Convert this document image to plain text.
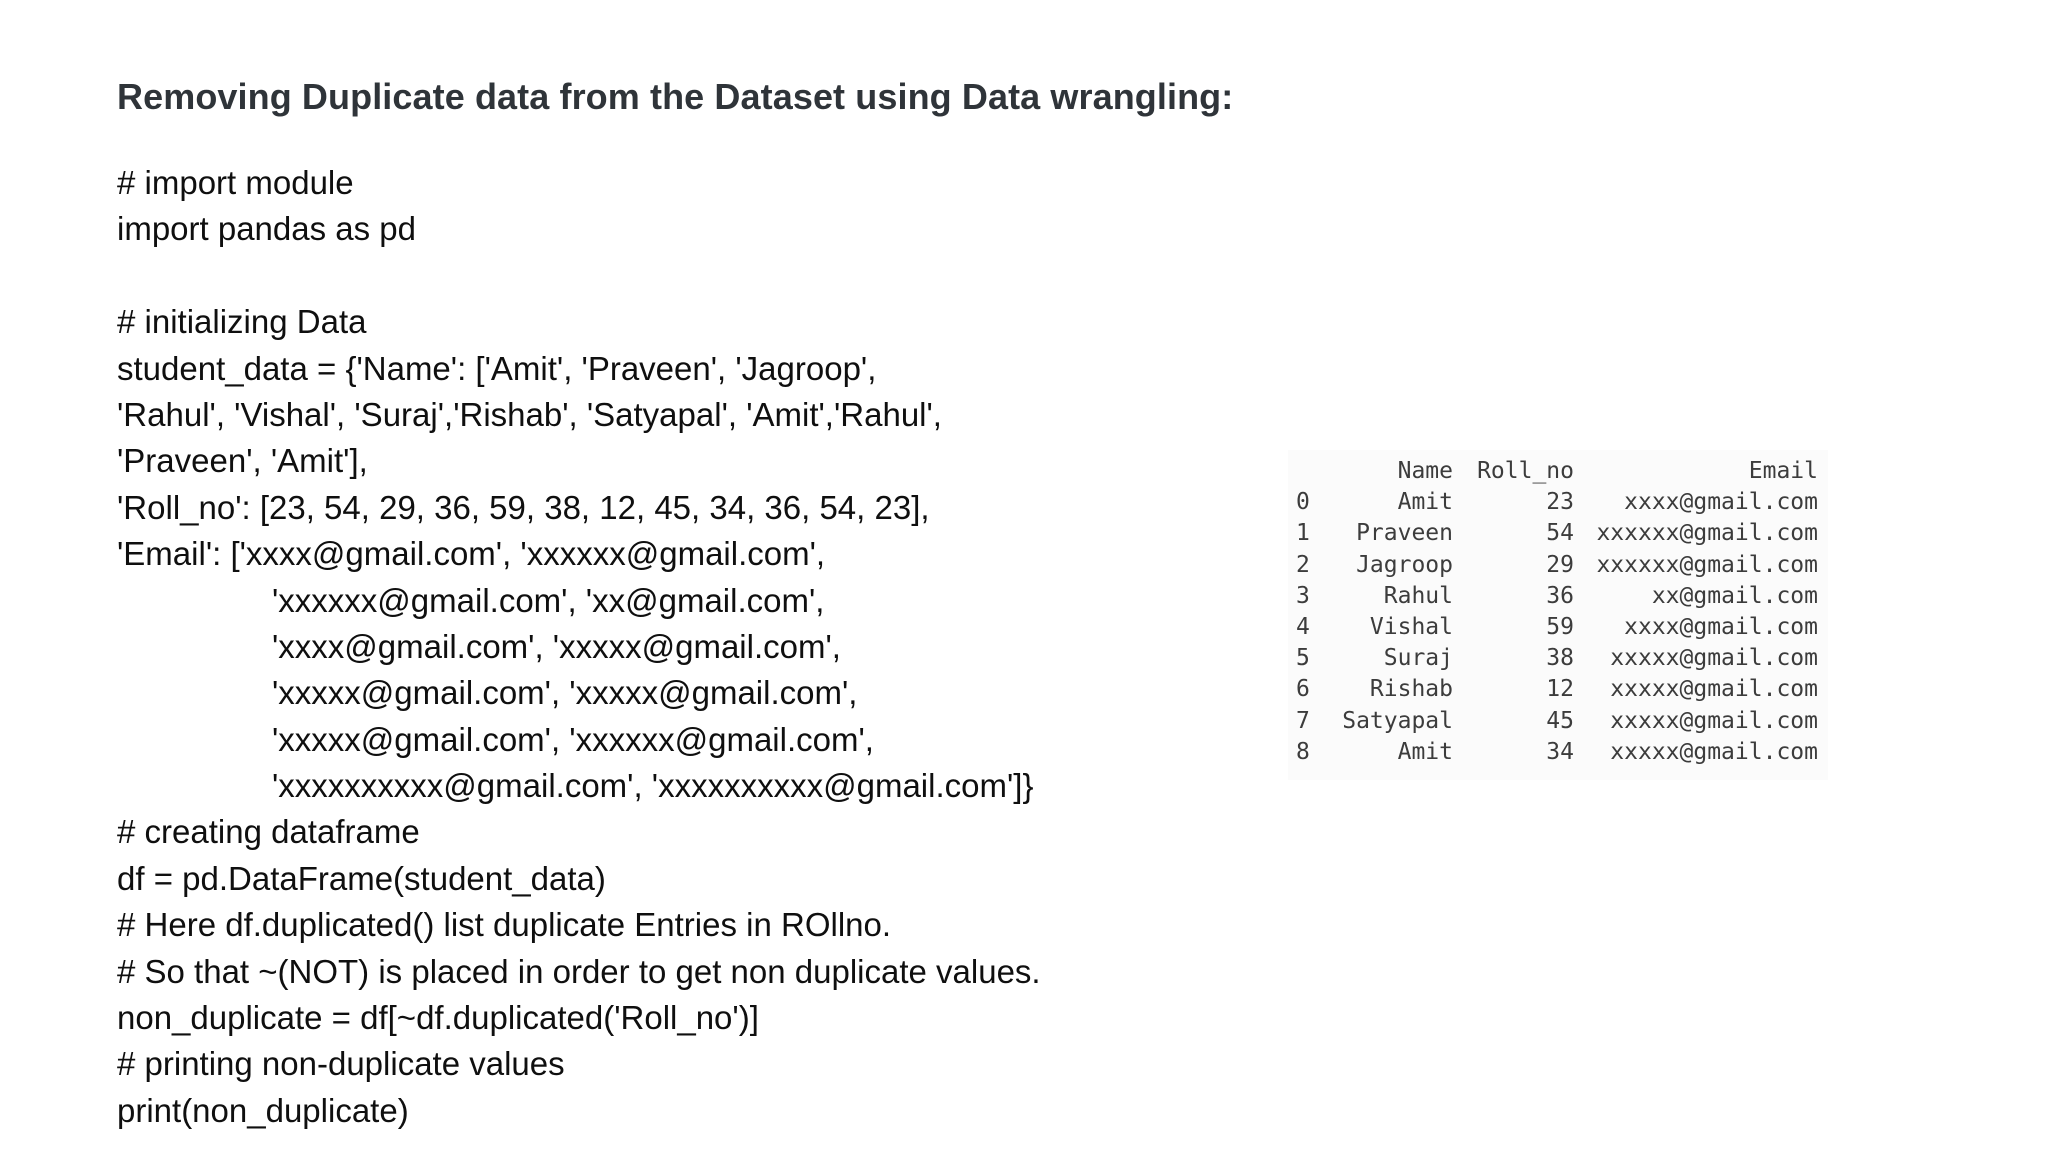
Removing Duplicate data from the Dataset using Data wrangling:
# import module
import pandas as pd
# initializing Data
student_data = {'Name': ['Amit', 'Praveen', 'Jagroop',
'Rahul', 'Vishal', 'Suraj','Rishab', 'Satyapal', 'Amit','Rahul',
'Praveen', 'Amit'],
'Roll_no': [23, 54, 29, 36, 59, 38, 12, 45, 34, 36, 54, 23],
'Email': ['xxxx@gmail.com', 'xxxxxx@gmail.com',
'xxxxxx@gmail.com', 'xx@gmail.com',
'xxxx@gmail.com', 'xxxxx@gmail.com',
'xxxxx@gmail.com', 'xxxxx@gmail.com',
'xxxxx@gmail.com', 'xxxxxx@gmail.com',
'xxxxxxxxxx@gmail.com', 'xxxxxxxxxx@gmail.com']}
# creating dataframe
df = pd.DataFrame(student_data)
# Here df.duplicated() list duplicate Entries in ROllno.
# So that ~(NOT) is placed in order to get non duplicate values.
non_duplicate = df[~df.duplicated('Roll_no')]
# printing non-duplicate values
print(non_duplicate)
	Name	Roll_no	Email
0	Amit	23	xxxx@gmail.com
1	Praveen	54	xxxxxx@gmail.com
2	Jagroop	29	xxxxxx@gmail.com
3	Rahul	36	xx@gmail.com
4	Vishal	59	xxxx@gmail.com
5	Suraj	38	xxxxx@gmail.com
6	Rishab	12	xxxxx@gmail.com
7	Satyapal	45	xxxxx@gmail.com
8	Amit	34	xxxxx@gmail.com
